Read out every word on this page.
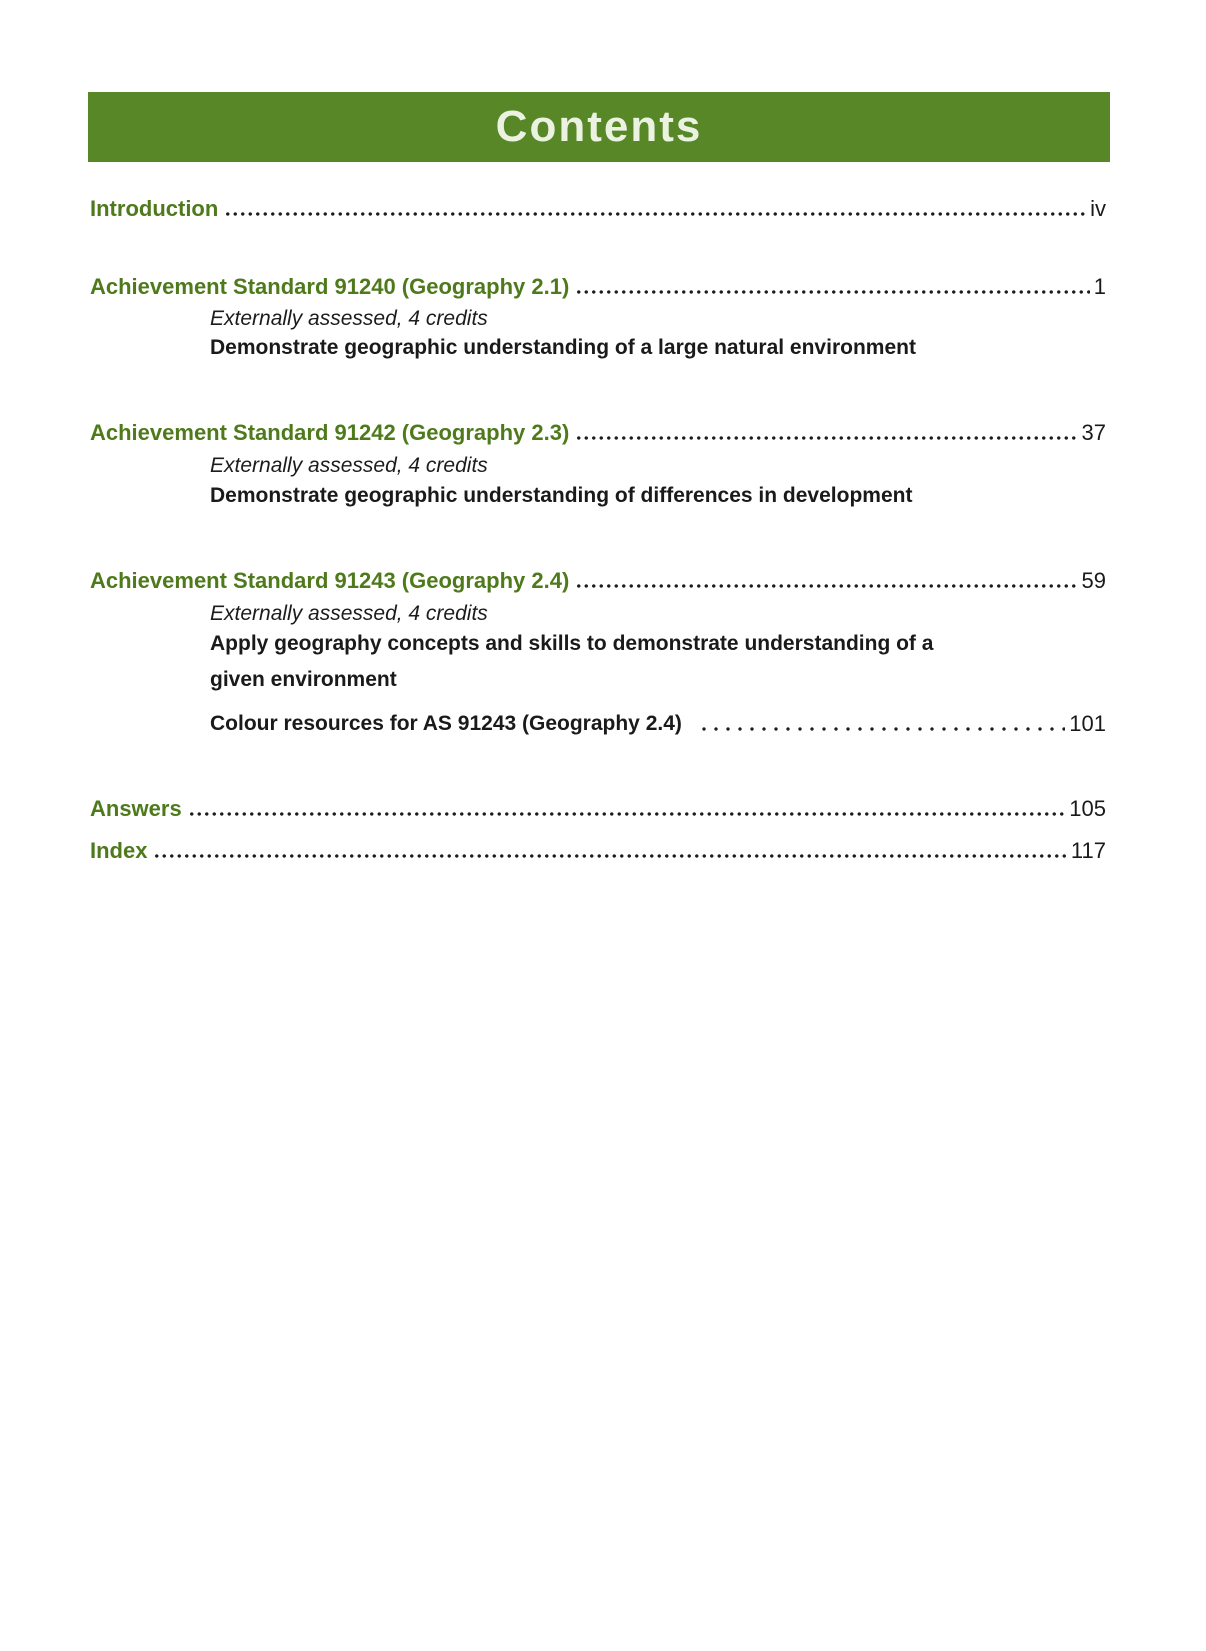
Contents
Introduction	iv
Achievement Standard 91240 (Geography 2.1)	1
Externally assessed, 4 credits
Demonstrate geographic understanding of a large natural environment
Achievement Standard 91242 (Geography 2.3)	37
Externally assessed, 4 credits
Demonstrate geographic understanding of differences in development
Achievement Standard 91243 (Geography 2.4)	59
Externally assessed, 4 credits
Apply geography concepts and skills to demonstrate understanding of a given environment
Colour resources for AS 91243 (Geography 2.4)	101
Answers	105
Index	117
